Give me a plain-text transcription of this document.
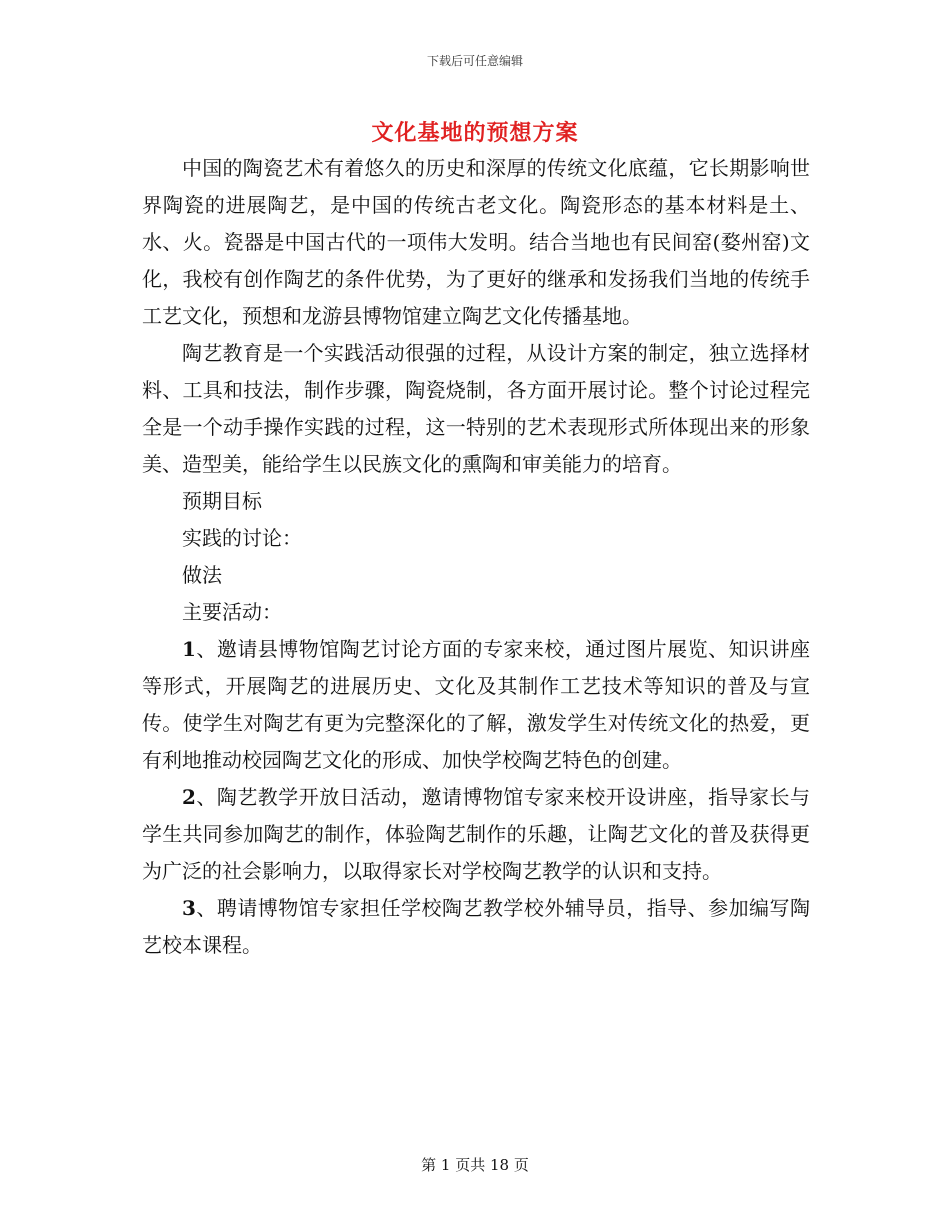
下载后可任意编辑
文化基地的预想方案

中国的陶瓷艺术有着悠久的历史和深厚的传统文化底蕴，它长期影响世界陶瓷的进展陶艺，是中国的传统古老文化。陶瓷形态的基本材料是土、水、火。瓷器是中国古代的一项伟大发明。结合当地也有民间窑(婺州窑)文化，我校有创作陶艺的条件优势，为了更好的继承和发扬我们当地的传统手工艺文化，预想和龙游县博物馆建立陶艺文化传播基地。

陶艺教育是一个实践活动很强的过程，从设计方案的制定，独立选择材料、工具和技法，制作步骤，陶瓷烧制，各方面开展讨论。整个讨论过程完全是一个动手操作实践的过程，这一特别的艺术表现形式所体现出来的形象美、造型美，能给学生以民族文化的熏陶和审美能力的培育。

预期目标

实践的讨论：

做法

主要活动：

1、邀请县博物馆陶艺讨论方面的专家来校，通过图片展览、知识讲座等形式，开展陶艺的进展历史、文化及其制作工艺技术等知识的普及与宣传。使学生对陶艺有更为完整深化的了解，激发学生对传统文化的热爱，更有利地推动校园陶艺文化的形成、加快学校陶艺特色的创建。

2、陶艺教学开放日活动，邀请博物馆专家来校开设讲座，指导家长与学生共同参加陶艺的制作，体验陶艺制作的乐趣，让陶艺文化的普及获得更为广泛的社会影响力，以取得家长对学校陶艺教学的认识和支持。

3、聘请博物馆专家担任学校陶艺教学校外辅导员，指导、参加编写陶艺校本课程。

第 1 页共 18 页
